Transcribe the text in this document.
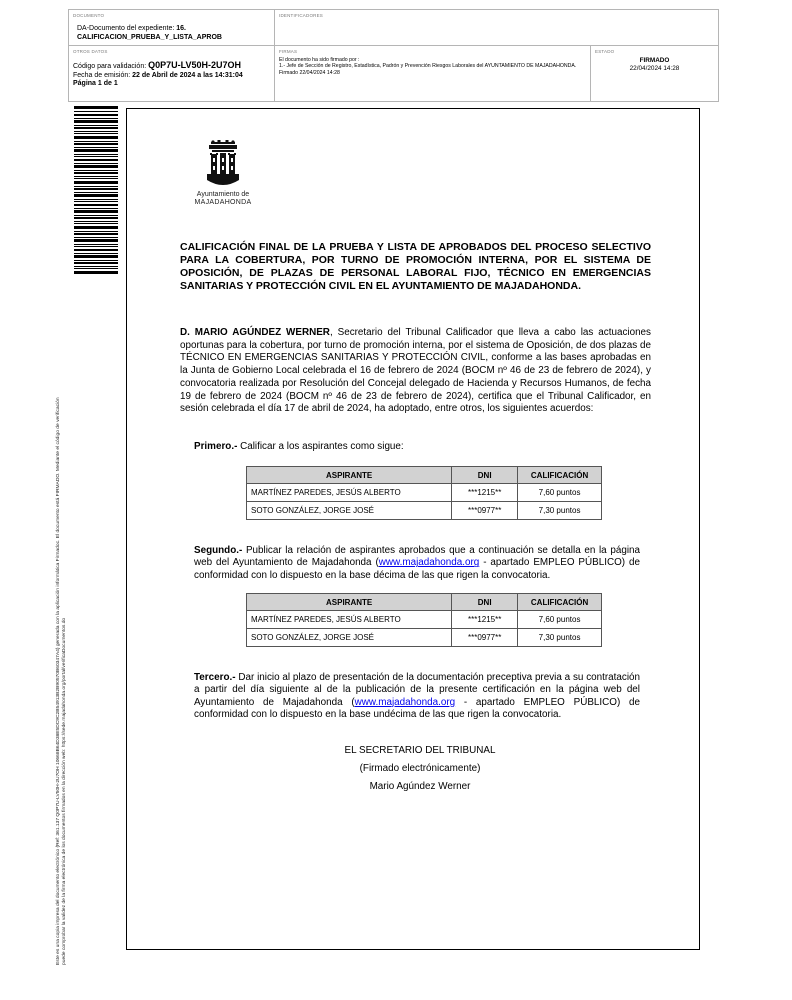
DOCUMENTO
DA-Documento del expediente: 16.
CALIFICACION_PRUEBA_Y_LISTA_APROB
IDENTIFICADORES
OTROS DATOS
Código para validación: Q0P7U-LV50H-2U7OH
Fecha de emisión: 22 de Abril de 2024 a las 14:31:04
Página 1 de 1
FIRMAS
El documento ha sido firmado por :
1.- Jefe de Sección de Registro, Estadística, Padrón y Prevención Riesgos Laborales del AYUNTAMIENTO DE MAJADAHONDA. Firmado 22/04/2024 14:28
ESTADO
FIRMADO
22/04/2024 14:28
Este es una copia impresa del documento electrónico (Ref: 361.137 Q0P7U-LV50H-2U7OH 10668B64D38E5DC9C2B54913B2B90570B60347A4) generada con la aplicación informática Firmadoc. El documento está FIRMADO. Mediante el código de verificación puede comprobar la validez de la firma electrónica de los documentos firmados en la dirección web: https://sede.majadahonda.org/portal/verificaDocumentos.do
Ayuntamiento de
MAJADAHONDA
CALIFICACIÓN FINAL DE LA PRUEBA Y LISTA DE APROBADOS DEL PROCESO SELECTIVO PARA LA COBERTURA, POR TURNO DE PROMOCIÓN INTERNA, POR EL SISTEMA DE OPOSICIÓN, DE PLAZAS DE PERSONAL LABORAL FIJO, TÉCNICO EN EMERGENCIAS SANITARIAS Y PROTECCIÓN CIVIL EN EL AYUNTAMIENTO DE MAJADAHONDA.
D. MARIO AGÚNDEZ WERNER, Secretario del Tribunal Calificador que lleva a cabo las actuaciones oportunas para la cobertura, por turno de promoción interna, por el sistema de Oposición, de dos plazas de TÉCNICO EN EMERGENCIAS SANITARIAS Y PROTECCIÓN CIVIL, conforme a las bases aprobadas en la Junta de Gobierno Local celebrada el 16 de febrero de 2024 (BOCM nº 46 de 23 de febrero de 2024), y convocatoria realizada por Resolución del Concejal delegado de Hacienda y Recursos Humanos, de fecha 19 de febrero de 2024 (BOCM nº 46 de 23 de febrero de 2024), certifica que el Tribunal Calificador, en sesión celebrada el día 17 de abril de 2024, ha adoptado, entre otros, los siguientes acuerdos:
Primero.- Calificar a los aspirantes como sigue:
ASPIRANTE	DNI	CALIFICACIÓN
MARTÍNEZ PAREDES, JESÚS ALBERTO	***1215**	7,60 puntos
SOTO GONZÁLEZ, JORGE JOSÉ	***0977**	7,30 puntos
Segundo.- Publicar la relación de aspirantes aprobados que a continuación se detalla en la página web del Ayuntamiento de Majadahonda (www.majadahonda.org - apartado EMPLEO PÚBLICO) de conformidad con lo dispuesto en la base décima de las que rigen la convocatoria.
ASPIRANTE	DNI	CALIFICACIÓN
MARTÍNEZ PAREDES, JESÚS ALBERTO	***1215**	7,60 puntos
SOTO GONZÁLEZ, JORGE JOSÉ	***0977**	7,30 puntos
Tercero.- Dar inicio al plazo de presentación de la documentación preceptiva previa a su contratación a partir del día siguiente al de la publicación de la presente certificación en la página web del Ayuntamiento de Majadahonda (www.majadahonda.org - apartado EMPLEO PÚBLICO) de conformidad con lo dispuesto en la base undécima de las que rigen la convocatoria.
EL SECRETARIO DEL TRIBUNAL
(Firmado electrónicamente)
Mario Agúndez Werner
